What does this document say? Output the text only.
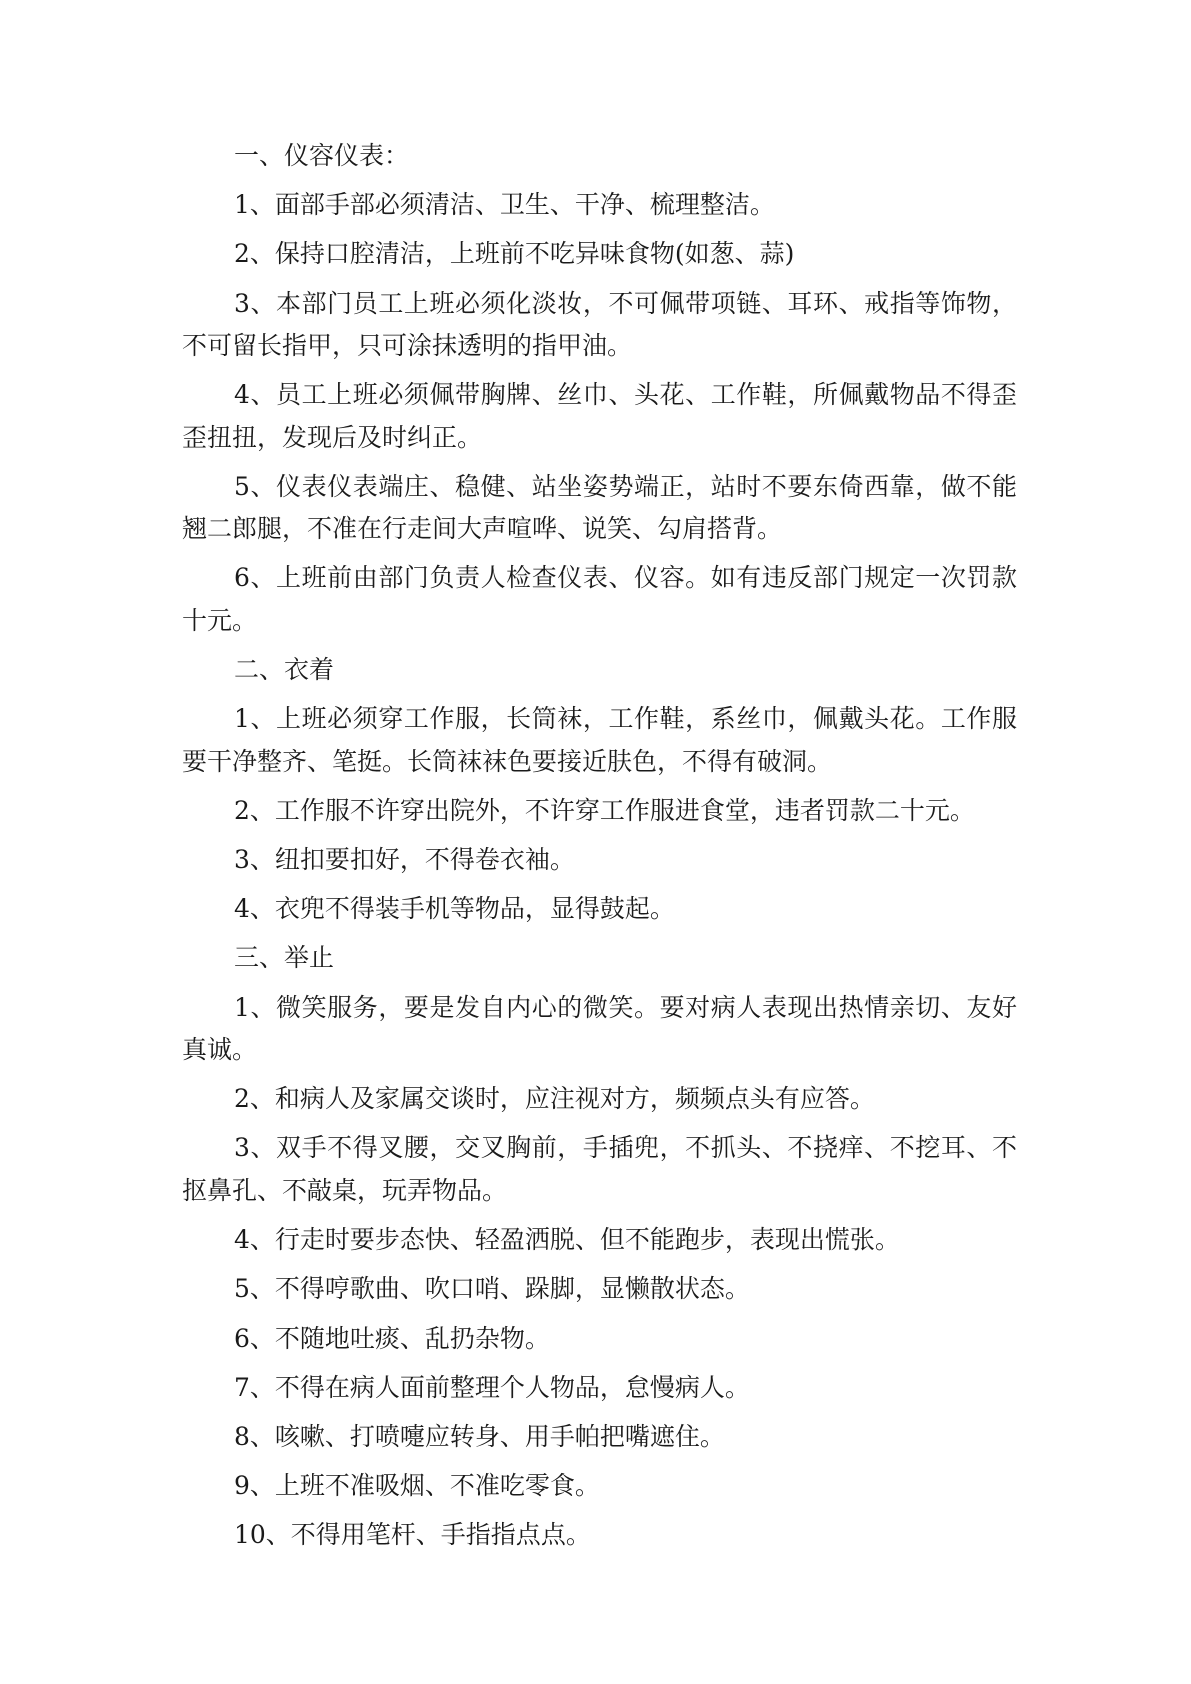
一、仪容仪表：

1、面部手部必须清洁、卫生、干净、梳理整洁。

2、保持口腔清洁，上班前不吃异味食物(如葱、蒜)

3、本部门员工上班必须化淡妆，不可佩带项链、耳环、戒指等饰物，不可留长指甲，只可涂抹透明的指甲油。

4、员工上班必须佩带胸牌、丝巾、头花、工作鞋，所佩戴物品不得歪歪扭扭，发现后及时纠正。

5、仪表仪表端庄、稳健、站坐姿势端正，站时不要东倚西靠，做不能翘二郎腿，不准在行走间大声喧哗、说笑、勾肩搭背。

6、上班前由部门负责人检查仪表、仪容。如有违反部门规定一次罚款十元。

二、衣着

1、上班必须穿工作服，长筒袜，工作鞋，系丝巾，佩戴头花。工作服要干净整齐、笔挺。长筒袜袜色要接近肤色，不得有破洞。

2、工作服不许穿出院外，不许穿工作服进食堂，违者罚款二十元。

3、纽扣要扣好，不得卷衣袖。

4、衣兜不得装手机等物品，显得鼓起。

三、举止

1、微笑服务，要是发自内心的微笑。要对病人表现出热情亲切、友好真诚。

2、和病人及家属交谈时，应注视对方，频频点头有应答。

3、双手不得叉腰，交叉胸前，手插兜，不抓头、不挠痒、不挖耳、不抠鼻孔、不敲桌，玩弄物品。

4、行走时要步态快、轻盈洒脱、但不能跑步，表现出慌张。

5、不得哼歌曲、吹口哨、跺脚，显懒散状态。

6、不随地吐痰、乱扔杂物。

7、不得在病人面前整理个人物品，怠慢病人。

8、咳嗽、打喷嚏应转身、用手帕把嘴遮住。

9、上班不准吸烟、不准吃零食。

10、不得用笔杆、手指指点点。
